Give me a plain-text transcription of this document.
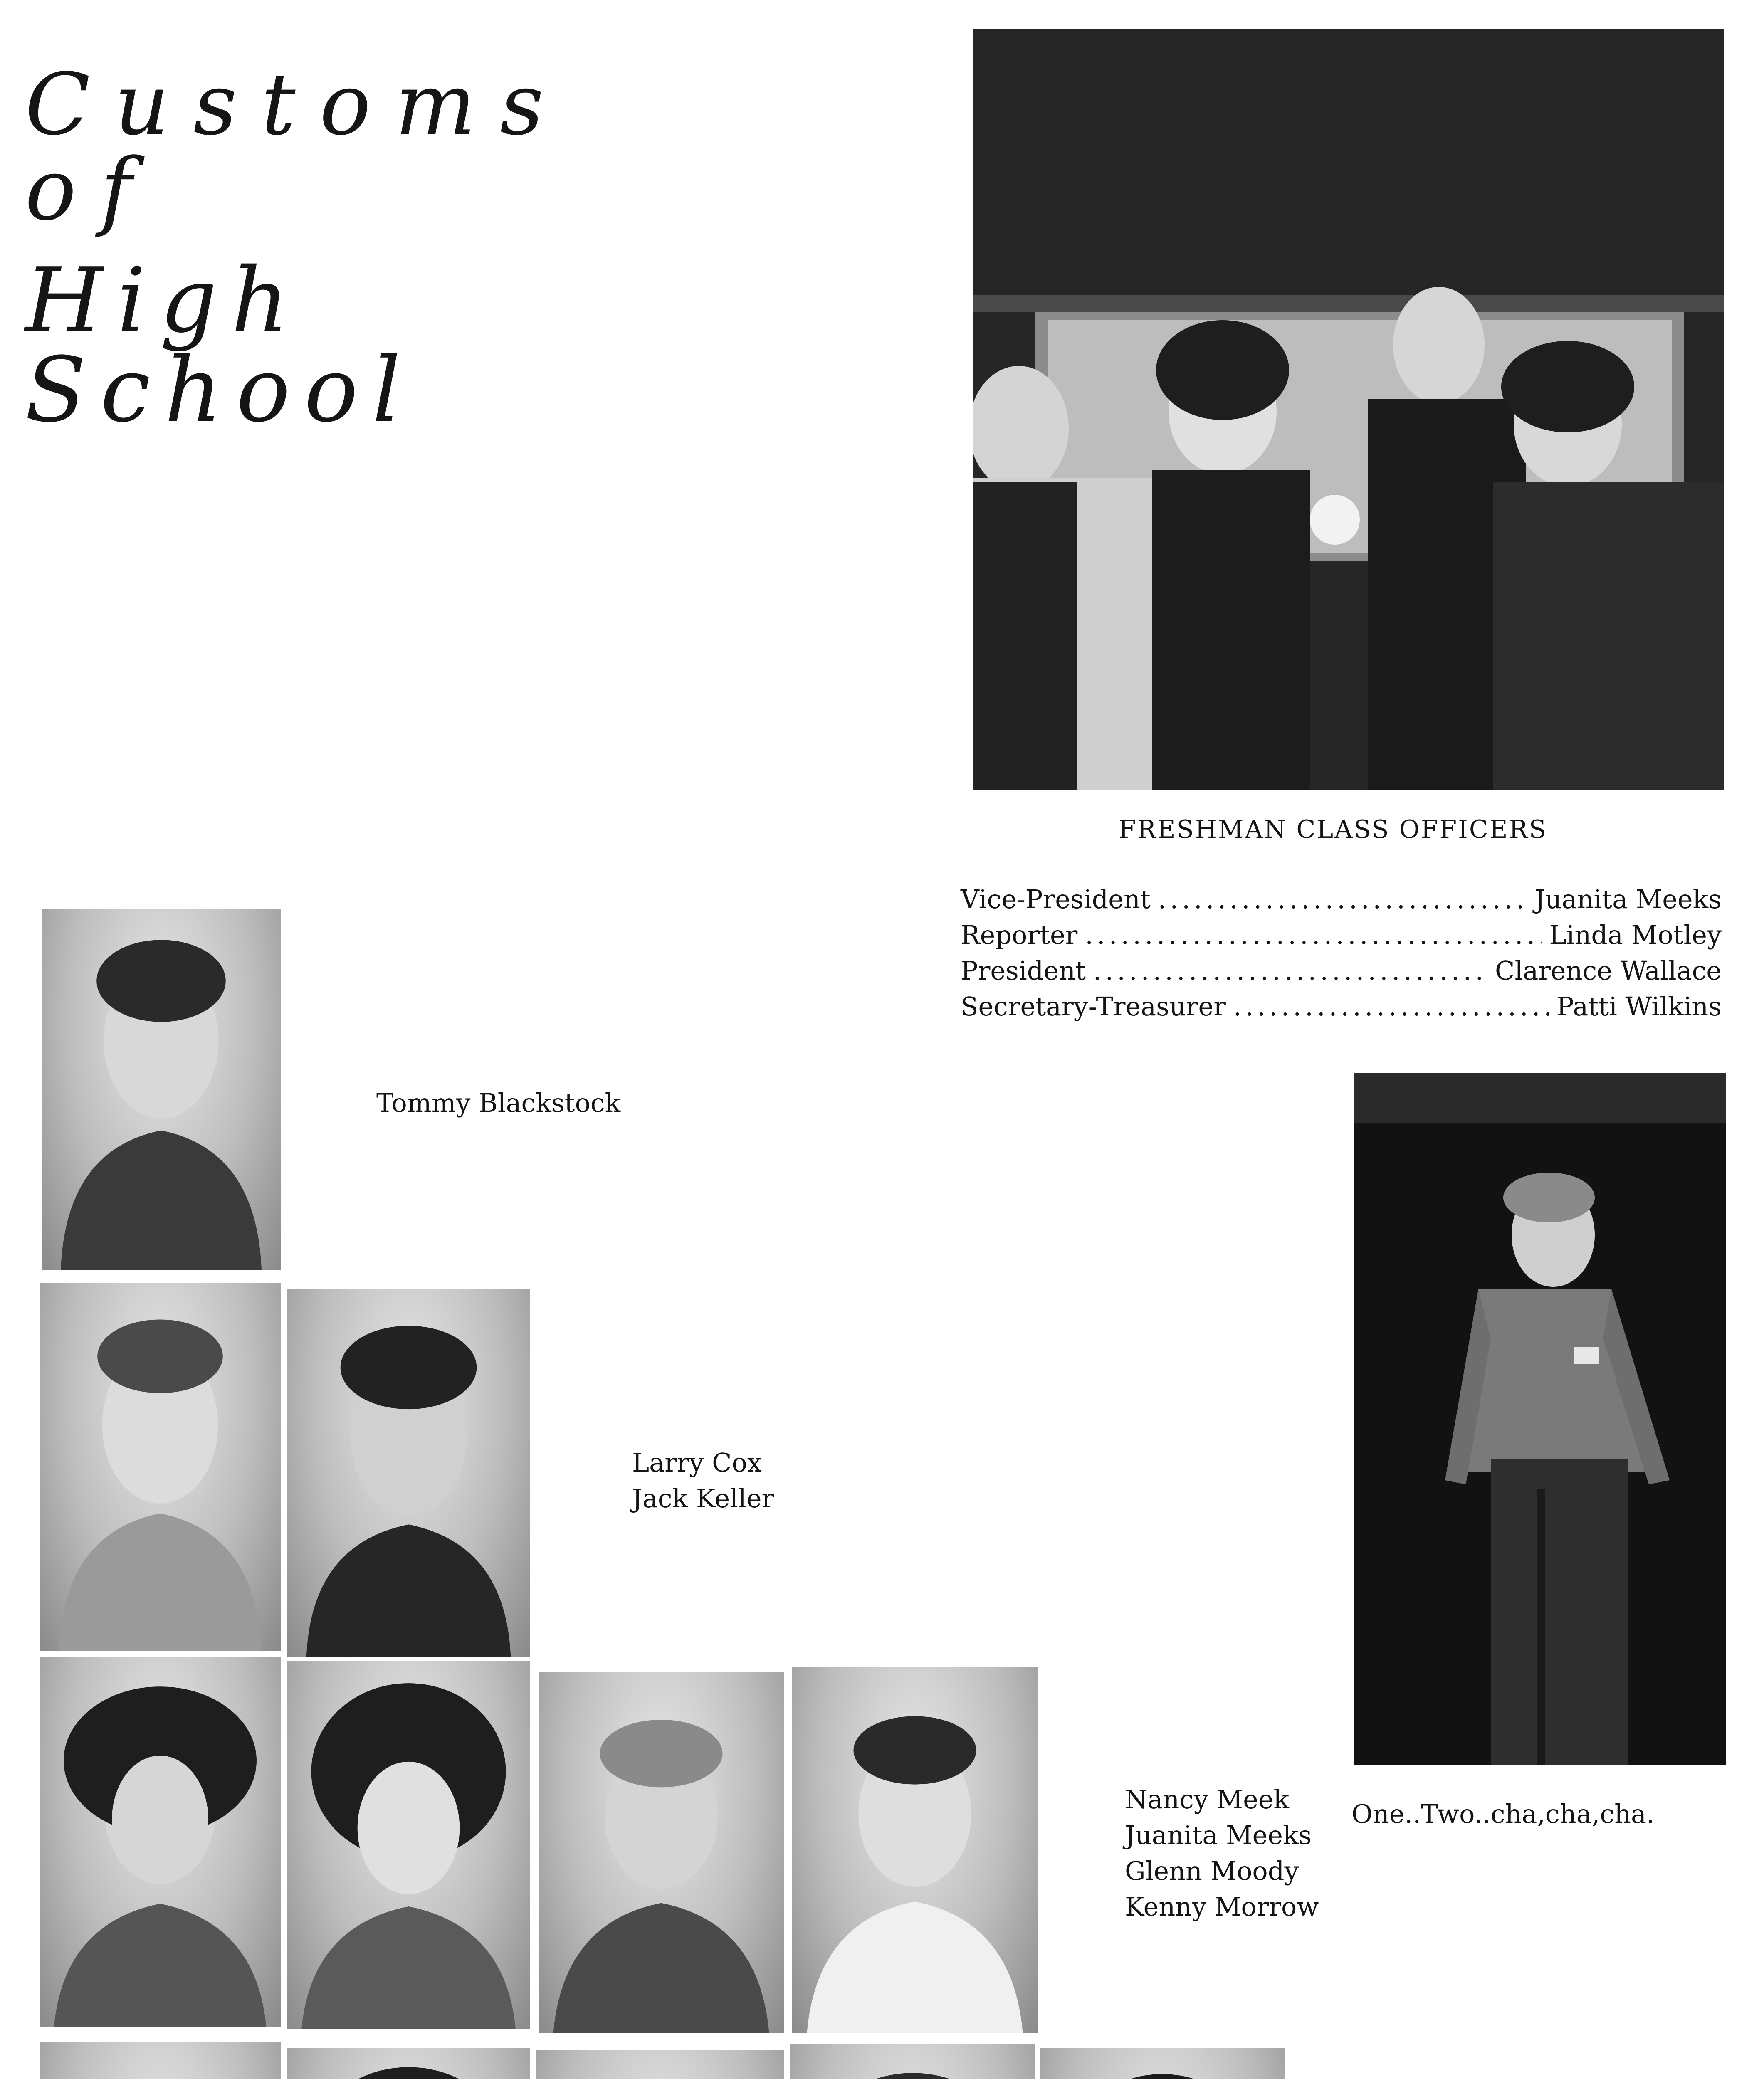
Customs of
High School
FRESHMAN CLASS OFFICERS
Vice-President .....	Juanita Meeks
Reporter .....	Linda Motley
President .....	Clarence Wallace
Secretary-Treasurer .....	Patti Wilkins
One..Two..cha,cha,cha.
Tommy Blackstock
Larry Cox
Jack Keller
Nancy Meek
Juanita Meeks
Glenn Moody
Kenny Morrow
